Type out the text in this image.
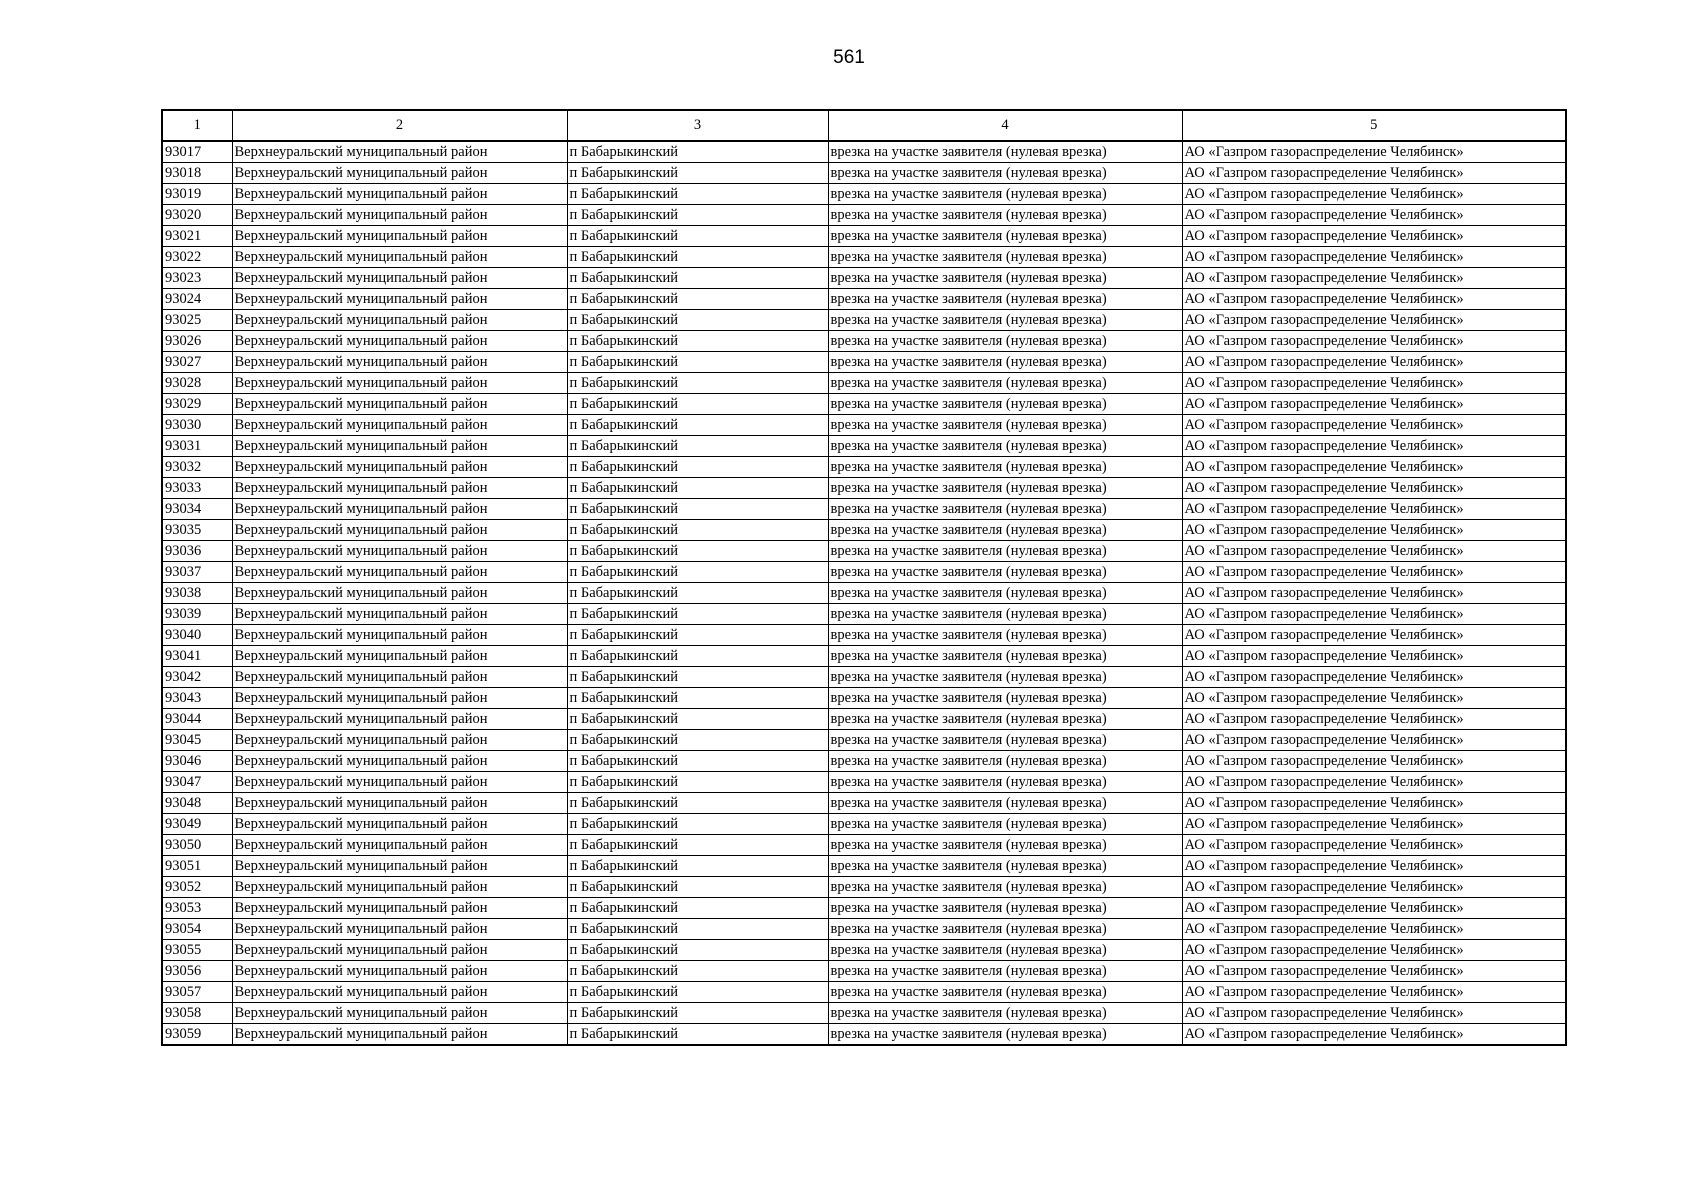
561
1	2	3	4	5
93017	Верхнеуральский муниципальный район	п Бабарыкинский	врезка на участке заявителя (нулевая врезка)	АО «Газпром газораспределение Челябинск»
93018	Верхнеуральский муниципальный район	п Бабарыкинский	врезка на участке заявителя (нулевая врезка)	АО «Газпром газораспределение Челябинск»
93019	Верхнеуральский муниципальный район	п Бабарыкинский	врезка на участке заявителя (нулевая врезка)	АО «Газпром газораспределение Челябинск»
93020	Верхнеуральский муниципальный район	п Бабарыкинский	врезка на участке заявителя (нулевая врезка)	АО «Газпром газораспределение Челябинск»
93021	Верхнеуральский муниципальный район	п Бабарыкинский	врезка на участке заявителя (нулевая врезка)	АО «Газпром газораспределение Челябинск»
93022	Верхнеуральский муниципальный район	п Бабарыкинский	врезка на участке заявителя (нулевая врезка)	АО «Газпром газораспределение Челябинск»
93023	Верхнеуральский муниципальный район	п Бабарыкинский	врезка на участке заявителя (нулевая врезка)	АО «Газпром газораспределение Челябинск»
93024	Верхнеуральский муниципальный район	п Бабарыкинский	врезка на участке заявителя (нулевая врезка)	АО «Газпром газораспределение Челябинск»
93025	Верхнеуральский муниципальный район	п Бабарыкинский	врезка на участке заявителя (нулевая врезка)	АО «Газпром газораспределение Челябинск»
93026	Верхнеуральский муниципальный район	п Бабарыкинский	врезка на участке заявителя (нулевая врезка)	АО «Газпром газораспределение Челябинск»
93027	Верхнеуральский муниципальный район	п Бабарыкинский	врезка на участке заявителя (нулевая врезка)	АО «Газпром газораспределение Челябинск»
93028	Верхнеуральский муниципальный район	п Бабарыкинский	врезка на участке заявителя (нулевая врезка)	АО «Газпром газораспределение Челябинск»
93029	Верхнеуральский муниципальный район	п Бабарыкинский	врезка на участке заявителя (нулевая врезка)	АО «Газпром газораспределение Челябинск»
93030	Верхнеуральский муниципальный район	п Бабарыкинский	врезка на участке заявителя (нулевая врезка)	АО «Газпром газораспределение Челябинск»
93031	Верхнеуральский муниципальный район	п Бабарыкинский	врезка на участке заявителя (нулевая врезка)	АО «Газпром газораспределение Челябинск»
93032	Верхнеуральский муниципальный район	п Бабарыкинский	врезка на участке заявителя (нулевая врезка)	АО «Газпром газораспределение Челябинск»
93033	Верхнеуральский муниципальный район	п Бабарыкинский	врезка на участке заявителя (нулевая врезка)	АО «Газпром газораспределение Челябинск»
93034	Верхнеуральский муниципальный район	п Бабарыкинский	врезка на участке заявителя (нулевая врезка)	АО «Газпром газораспределение Челябинск»
93035	Верхнеуральский муниципальный район	п Бабарыкинский	врезка на участке заявителя (нулевая врезка)	АО «Газпром газораспределение Челябинск»
93036	Верхнеуральский муниципальный район	п Бабарыкинский	врезка на участке заявителя (нулевая врезка)	АО «Газпром газораспределение Челябинск»
93037	Верхнеуральский муниципальный район	п Бабарыкинский	врезка на участке заявителя (нулевая врезка)	АО «Газпром газораспределение Челябинск»
93038	Верхнеуральский муниципальный район	п Бабарыкинский	врезка на участке заявителя (нулевая врезка)	АО «Газпром газораспределение Челябинск»
93039	Верхнеуральский муниципальный район	п Бабарыкинский	врезка на участке заявителя (нулевая врезка)	АО «Газпром газораспределение Челябинск»
93040	Верхнеуральский муниципальный район	п Бабарыкинский	врезка на участке заявителя (нулевая врезка)	АО «Газпром газораспределение Челябинск»
93041	Верхнеуральский муниципальный район	п Бабарыкинский	врезка на участке заявителя (нулевая врезка)	АО «Газпром газораспределение Челябинск»
93042	Верхнеуральский муниципальный район	п Бабарыкинский	врезка на участке заявителя (нулевая врезка)	АО «Газпром газораспределение Челябинск»
93043	Верхнеуральский муниципальный район	п Бабарыкинский	врезка на участке заявителя (нулевая врезка)	АО «Газпром газораспределение Челябинск»
93044	Верхнеуральский муниципальный район	п Бабарыкинский	врезка на участке заявителя (нулевая врезка)	АО «Газпром газораспределение Челябинск»
93045	Верхнеуральский муниципальный район	п Бабарыкинский	врезка на участке заявителя (нулевая врезка)	АО «Газпром газораспределение Челябинск»
93046	Верхнеуральский муниципальный район	п Бабарыкинский	врезка на участке заявителя (нулевая врезка)	АО «Газпром газораспределение Челябинск»
93047	Верхнеуральский муниципальный район	п Бабарыкинский	врезка на участке заявителя (нулевая врезка)	АО «Газпром газораспределение Челябинск»
93048	Верхнеуральский муниципальный район	п Бабарыкинский	врезка на участке заявителя (нулевая врезка)	АО «Газпром газораспределение Челябинск»
93049	Верхнеуральский муниципальный район	п Бабарыкинский	врезка на участке заявителя (нулевая врезка)	АО «Газпром газораспределение Челябинск»
93050	Верхнеуральский муниципальный район	п Бабарыкинский	врезка на участке заявителя (нулевая врезка)	АО «Газпром газораспределение Челябинск»
93051	Верхнеуральский муниципальный район	п Бабарыкинский	врезка на участке заявителя (нулевая врезка)	АО «Газпром газораспределение Челябинск»
93052	Верхнеуральский муниципальный район	п Бабарыкинский	врезка на участке заявителя (нулевая врезка)	АО «Газпром газораспределение Челябинск»
93053	Верхнеуральский муниципальный район	п Бабарыкинский	врезка на участке заявителя (нулевая врезка)	АО «Газпром газораспределение Челябинск»
93054	Верхнеуральский муниципальный район	п Бабарыкинский	врезка на участке заявителя (нулевая врезка)	АО «Газпром газораспределение Челябинск»
93055	Верхнеуральский муниципальный район	п Бабарыкинский	врезка на участке заявителя (нулевая врезка)	АО «Газпром газораспределение Челябинск»
93056	Верхнеуральский муниципальный район	п Бабарыкинский	врезка на участке заявителя (нулевая врезка)	АО «Газпром газораспределение Челябинск»
93057	Верхнеуральский муниципальный район	п Бабарыкинский	врезка на участке заявителя (нулевая врезка)	АО «Газпром газораспределение Челябинск»
93058	Верхнеуральский муниципальный район	п Бабарыкинский	врезка на участке заявителя (нулевая врезка)	АО «Газпром газораспределение Челябинск»
93059	Верхнеуральский муниципальный район	п Бабарыкинский	врезка на участке заявителя (нулевая врезка)	АО «Газпром газораспределение Челябинск»
